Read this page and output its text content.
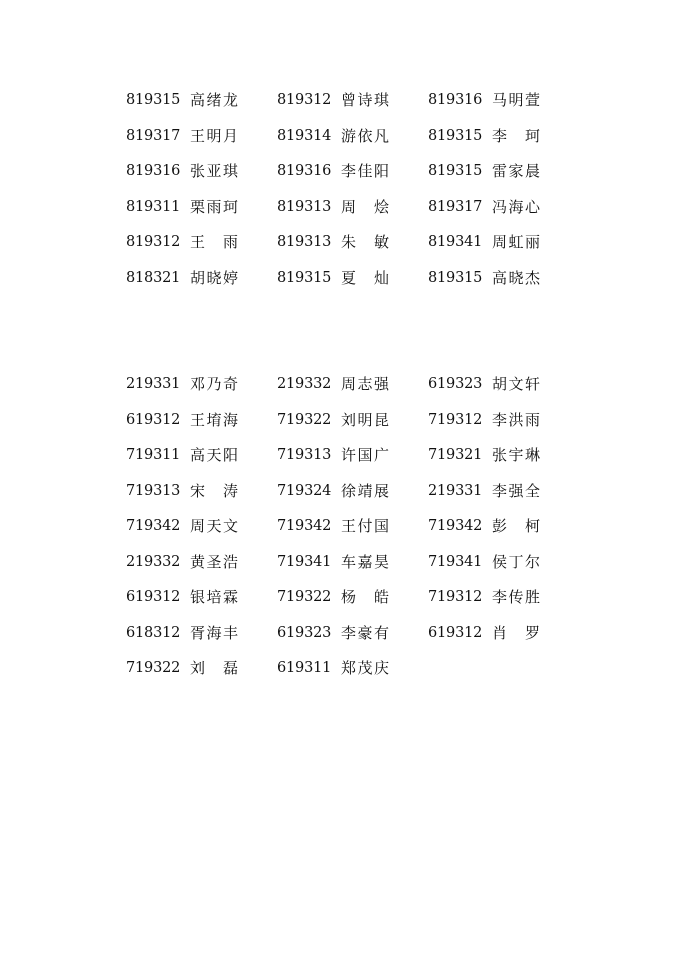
819315 高绪龙	819312 曾诗琪	819316 马明萱
819317 王明月	819314 游依凡	819315 李 珂
819316 张亚琪	819316 李佳阳	819315 雷家晨
819311 栗雨珂	819313 周 烩	819317 冯海心
819312 王 雨	819313 朱 敏	819341 周虹丽
818321 胡晓婷	819315 夏 灿	819315 高晓杰
219331 邓乃奇	219332 周志强	619323 胡文轩
619312 王堉海	719322 刘明昆	719312 李洪雨
719311 高天阳	719313 许国广	719321 张宇琳
719313 宋 涛	719324 徐靖展	219331 李强全
719342 周天文	719342 王付国	719342 彭 柯
219332 黄圣浩	719341 车嘉昊	719341 侯丁尔
619312 银培霖	719322 杨 皓	719312 李传胜
618312 胥海丰	619323 李豪有	619312 肖 罗
719322 刘 磊	619311 郑茂庆
